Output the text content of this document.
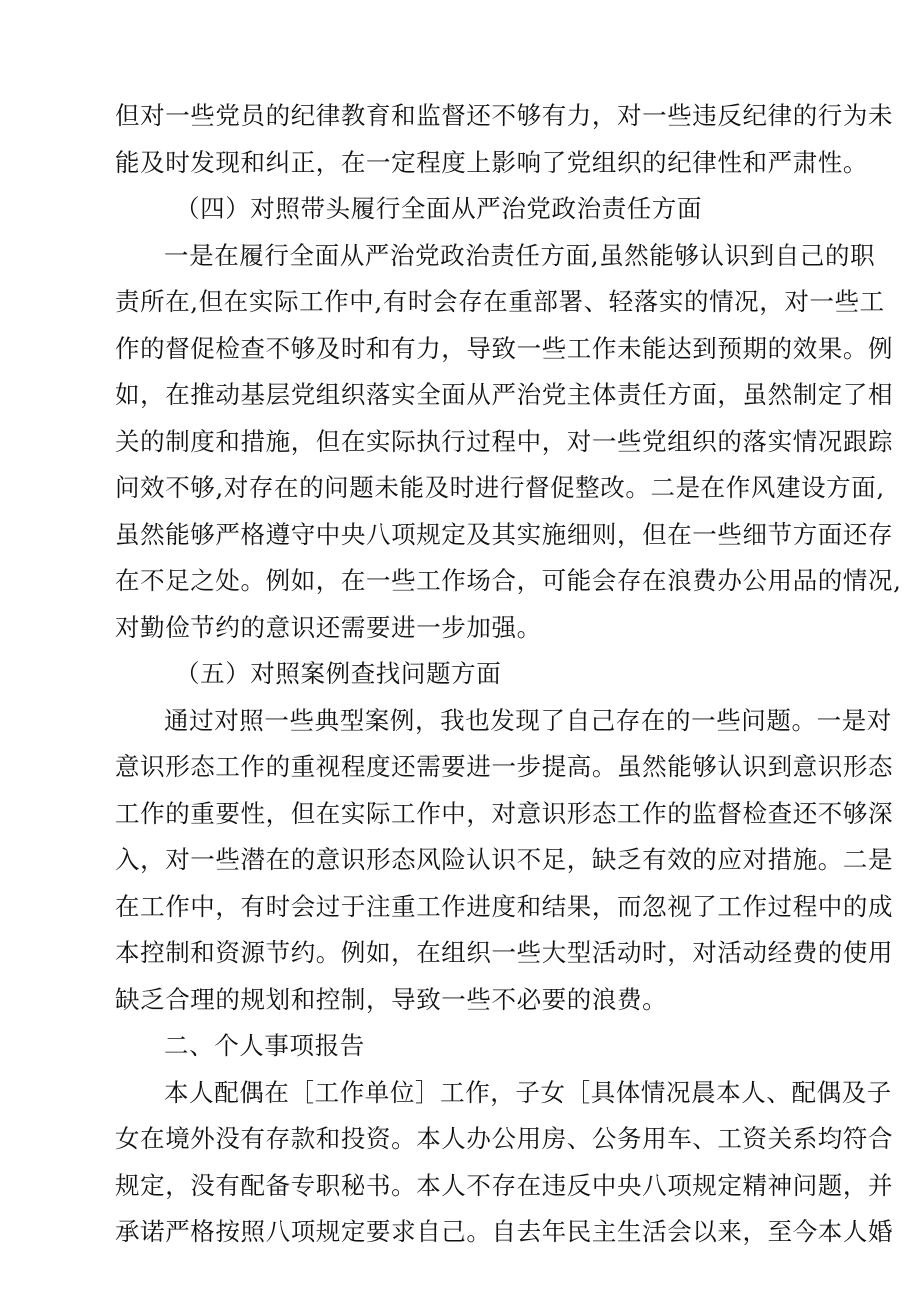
但对一些党员的纪律教育和监督还不够有力，对一些违反纪律的行为未
能及时发现和纠正，在一定程度上影响了党组织的纪律性和严肃性。

（四）对照带头履行全面从严治党政治责任方面

一是在履行全面从严治党政治责任方面,虽然能够认识到自己的职
责所在,但在实际工作中,有时会存在重部署、轻落实的情况，对一些工
作的督促检查不够及时和有力，导致一些工作未能达到预期的效果。例
如，在推动基层党组织落实全面从严治党主体责任方面，虽然制定了相
关的制度和措施，但在实际执行过程中，对一些党组织的落实情况跟踪
问效不够,对存在的问题未能及时进行督促整改。二是在作风建设方面,
虽然能够严格遵守中央八项规定及其实施细则，但在一些细节方面还存
在不足之处。例如，在一些工作场合，可能会存在浪费办公用品的情况,
对勤俭节约的意识还需要进一步加强。

（五）对照案例查找问题方面

通过对照一些典型案例，我也发现了自己存在的一些问题。一是对
意识形态工作的重视程度还需要进一步提高。虽然能够认识到意识形态
工作的重要性，但在实际工作中，对意识形态工作的监督检查还不够深
入，对一些潜在的意识形态风险认识不足，缺乏有效的应对措施。二是
在工作中，有时会过于注重工作进度和结果，而忽视了工作过程中的成
本控制和资源节约。例如，在组织一些大型活动时，对活动经费的使用
缺乏合理的规划和控制，导致一些不必要的浪费。

二、个人事项报告

本人配偶在［工作单位］工作，子女［具体情况晨本人、配偶及子
女在境外没有存款和投资。本人办公用房、公务用车、工资关系均符合
规定，没有配备专职秘书。本人不存在违反中央八项规定精神问题，并
承诺严格按照八项规定要求自己。自去年民主生活会以来，至今本人婚
